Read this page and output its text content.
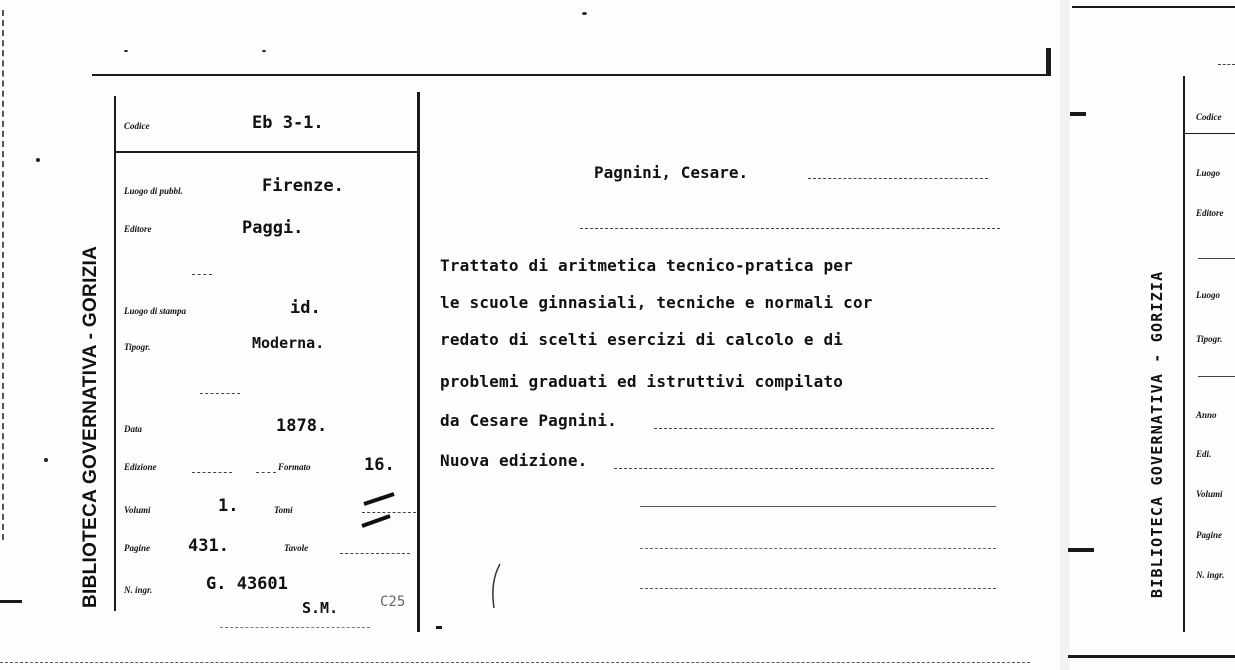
BIBLIOTECA GOVERNATIVA - GORIZIA
Codice	Eb 3-1.
Luogo di pubbl.	Firenze.
Editore	Paggi.
Luogo di stampa	id.
Tipogr.	Moderna.
Data	1878.
Edizione	Formato	16.
Volumi	1.	Tomi
Pagine 431.	Tavole
N. ingr.	G. 43601
S.M.	C25
Pagnini, Cesare.
Trattato di aritmetica tecnico-pratica per
le scuole ginnasiali, tecniche e normali cor
redato di scelti esercizi di calcolo e di
problemi graduati ed istruttivi compilato
da Cesare Pagnini.
Nuova edizione.	BIBLIOTECA GOVERNATIVA - GORIZIA
Codice
Luogo
Editore
Luogo
Tipogr.
Anno
Edi.
Volumi
Pagine
N. ingr.
